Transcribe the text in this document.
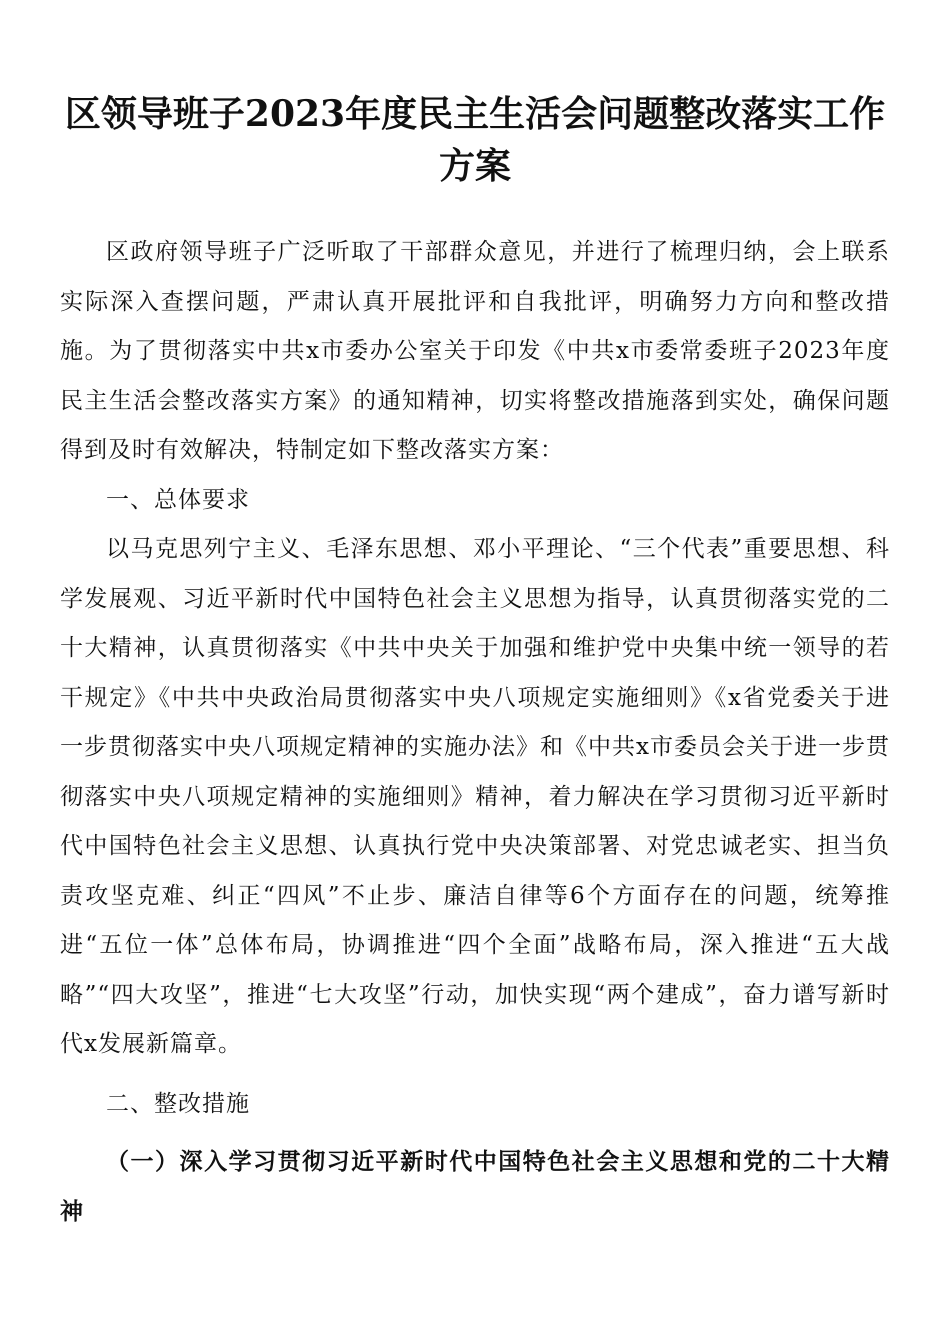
区领导班子2023年度民主生活会问题整改落实工作方案

区政府领导班子广泛听取了干部群众意见，并进行了梳理归纳，会上联系实际深入查摆问题，严肃认真开展批评和自我批评，明确努力方向和整改措施。为了贯彻落实中共x市委办公室关于印发《中共x市委常委班子2023年度民主生活会整改落实方案》的通知精神，切实将整改措施落到实处，确保问题得到及时有效解决，特制定如下整改落实方案：

一、总体要求

以马克思列宁主义、毛泽东思想、邓小平理论、“三个代表”重要思想、科学发展观、习近平新时代中国特色社会主义思想为指导，认真贯彻落实党的二十大精神，认真贯彻落实《中共中央关于加强和维护党中央集中统一领导的若干规定》《中共中央政治局贯彻落实中央八项规定实施细则》《x省党委关于进一步贯彻落实中央八项规定精神的实施办法》和《中共x市委员会关于进一步贯彻落实中央八项规定精神的实施细则》精神，着力解决在学习贯彻习近平新时代中国特色社会主义思想、认真执行党中央决策部署、对党忠诚老实、担当负责攻坚克难、纠正“四风”不止步、廉洁自律等6个方面存在的问题，统筹推进“五位一体”总体布局，协调推进“四个全面”战略布局，深入推进“五大战略”“四大攻坚”，推进“七大攻坚”行动，加快实现“两个建成”，奋力谱写新时代x发展新篇章。

二、整改措施

（一）深入学习贯彻习近平新时代中国特色社会主义思想和党的二十大精神
